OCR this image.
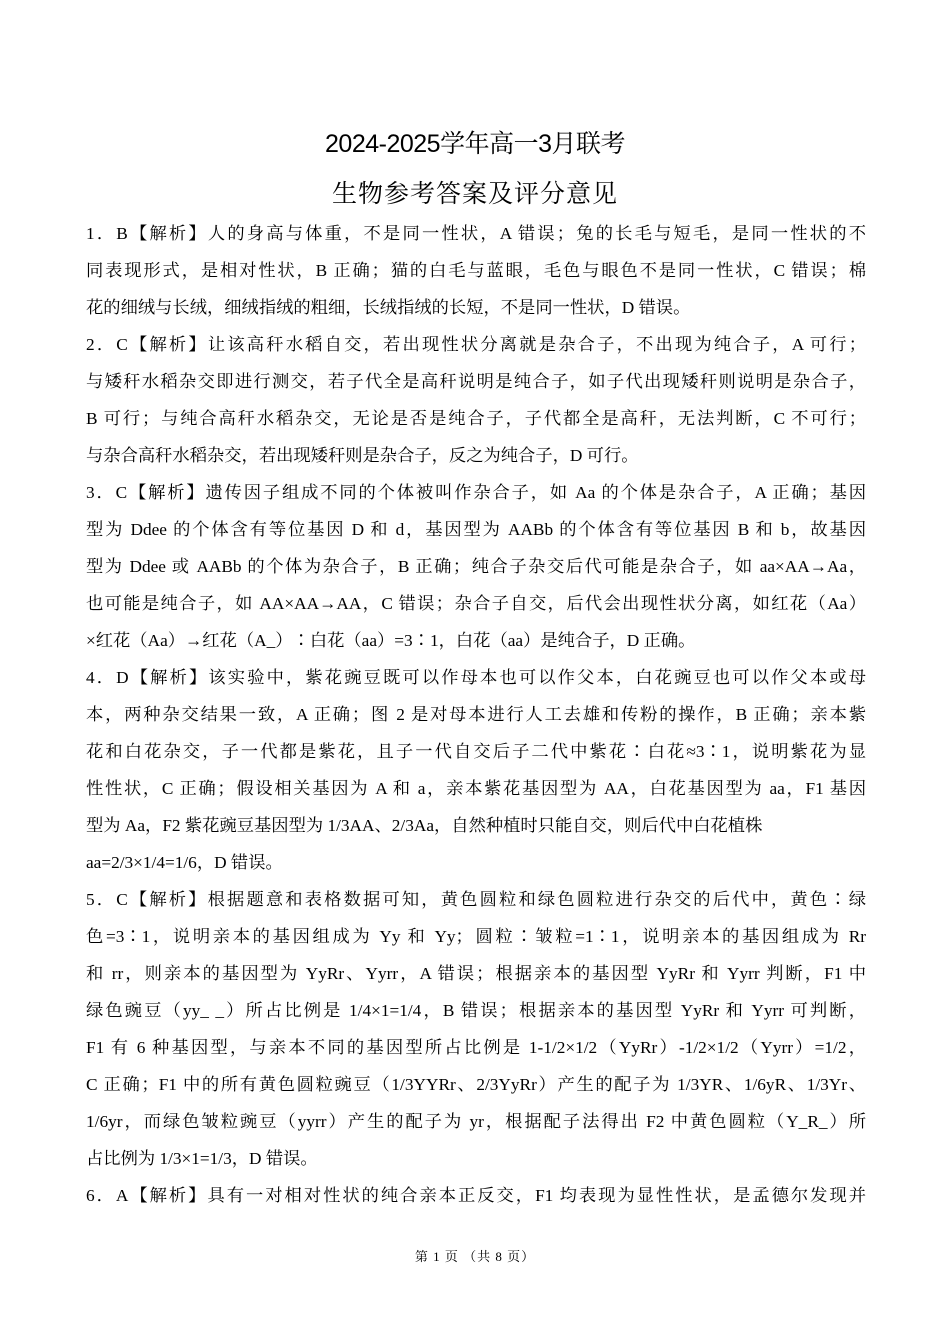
2024-2025学年高一3月联考
生物参考答案及评分意见
1．B【解析】人的身高与体重，不是同一性状，A 错误；兔的长毛与短毛，是同一性状的不
同表现形式，是相对性状，B 正确；猫的白毛与蓝眼，毛色与眼色不是同一性状，C 错误；棉
花的细绒与长绒，细绒指绒的粗细，长绒指绒的长短，不是同一性状，D 错误。
2．C【解析】让该高秆水稻自交，若出现性状分离就是杂合子，不出现为纯合子，A 可行；
与矮秆水稻杂交即进行测交，若子代全是高秆说明是纯合子，如子代出现矮秆则说明是杂合子，
B 可行；与纯合高秆水稻杂交，无论是否是纯合子，子代都全是高秆，无法判断，C 不可行；
与杂合高秆水稻杂交，若出现矮秆则是杂合子，反之为纯合子，D 可行。
3．C【解析】遗传因子组成不同的个体被叫作杂合子，如 Aa 的个体是杂合子，A 正确；基因
型为 Ddee 的个体含有等位基因 D 和 d，基因型为 AABb 的个体含有等位基因 B 和 b，故基因
型为 Ddee 或 AABb 的个体为杂合子，B 正确；纯合子杂交后代可能是杂合子，如 aa×AA→Aa，
也可能是纯合子，如 AA×AA→AA，C 错误；杂合子自交，后代会出现性状分离，如红花（Aa）
×红花（Aa）→红花（A_）∶白花（aa）=3∶1，白花（aa）是纯合子，D 正确。
4．D【解析】该实验中，紫花豌豆既可以作母本也可以作父本，白花豌豆也可以作父本或母
本，两种杂交结果一致，A 正确；图 2 是对母本进行人工去雄和传粉的操作，B 正确；亲本紫
花和白花杂交，子一代都是紫花，且子一代自交后子二代中紫花∶白花≈3∶1，说明紫花为显
性性状，C 正确；假设相关基因为 A 和 a，亲本紫花基因型为 AA，白花基因型为 aa，F1 基因
型为 Aa，F2 紫花豌豆基因型为 1/3AA、2/3Aa，自然种植时只能自交，则后代中白花植株
aa=2/3×1/4=1/6，D 错误。
5．C【解析】根据题意和表格数据可知，黄色圆粒和绿色圆粒进行杂交的后代中，黄色∶绿
色=3∶1，说明亲本的基因组成为 Yy 和 Yy；圆粒∶皱粒=1∶1，说明亲本的基因组成为 Rr
和 rr，则亲本的基因型为 YyRr、Yyrr，A 错误；根据亲本的基因型 YyRr 和 Yyrr 判断，F1 中
绿色豌豆（yy_ _）所占比例是 1/4×1=1/4，B 错误；根据亲本的基因型 YyRr 和 Yyrr 可判断，
F1 有 6 种基因型，与亲本不同的基因型所占比例是 1-1/2×1/2（YyRr）-1/2×1/2（Yyrr）=1/2，
C 正确；F1 中的所有黄色圆粒豌豆（1/3YYRr、2/3YyRr）产生的配子为 1/3YR、1/6yR、1/3Yr、
1/6yr，而绿色皱粒豌豆（yyrr）产生的配子为 yr，根据配子法得出 F2 中黄色圆粒（Y_R_）所
占比例为 1/3×1=1/3，D 错误。
6．A【解析】具有一对相对性状的纯合亲本正反交，F1 均表现为显性性状，是孟德尔发现并
第 1 页 （共 8 页）
